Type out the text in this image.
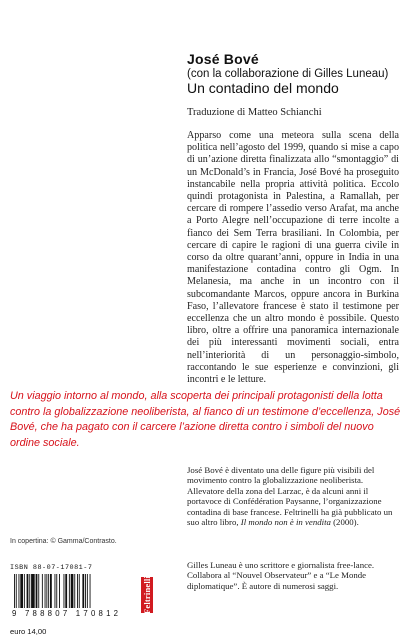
José Bové
(con la collaborazione di Gilles Luneau)
Un contadino del mondo
Traduzione di Matteo Schianchi

Apparso come una meteora sulla scena della politica nell’agosto del 1999, quando si mise a capo di un’azione diretta finalizzata allo “smontaggio” di un McDonald’s in Francia, José Bové ha proseguito instancabile nella propria attività politica. Eccolo quindi protagonista in Palestina, a Ramallah, per cercare di rompere l’assedio verso Arafat, ma anche a Porto Alegre nell’occupazione di terre incolte a fianco dei Sem Terra brasiliani. In Colombia, per cercare di capire le ragioni di una guerra civile in corso da oltre quarant’anni, oppure in India in una manifestazione contadina contro gli Ogm. In Melanesia, ma anche in un incontro con il subcomandante Marcos, oppure ancora in Burkina Faso, l’allevatore francese è stato il testimone per eccellenza che un altro mondo è possibile. Questo libro, oltre a offrire una panoramica internazionale dei più interessanti movimenti sociali, entra nell’interiorità di un personaggio-simbolo, raccontando le sue esperienze e convinzioni, gli incontri e le letture.

Un viaggio intorno al mondo, alla scoperta dei principali protagonisti della lotta contro la globalizzazione neoliberista, al fianco di un testimone d’eccellenza, José Bové, che ha pagato con il carcere l’azione diretta contro i simboli del nuovo ordine sociale.

José Bové è diventato una delle figure più visibili del movimento contro la globalizzazione neoliberista. Allevatore della zona del Larzac, è da alcuni anni il portavoce di Confédération Paysanne, l’organizzazione contadina di base francese. Feltrinelli ha già pubblicato un suo altro libro, Il mondo non è in vendita (2000).

In copertina: © Gamma/Contrasto.

Gilles Luneau è uno scrittore e giornalista free-lance. Collabora al “Nouvel Observateur” e a “Le Monde diplomatique”. È autore di numerosi saggi.

ISBN 88-07-17081-7
9 788807 170812
euro 14,00
Feltrinelli
